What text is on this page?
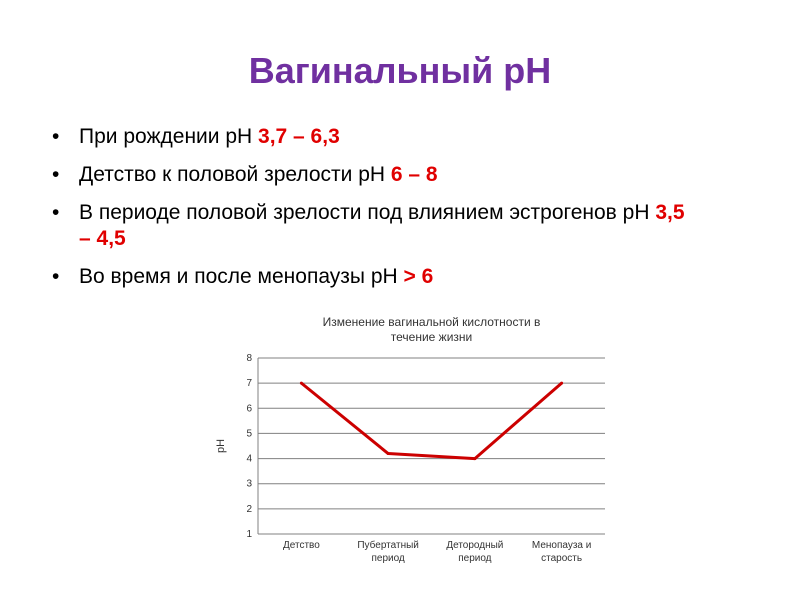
Вагинальный рН
• При рождении рН 3,7 – 6,3
• Детство к половой зрелости рН 6 – 8
• В периоде половой зрелости под влиянием эстрогенов рН 3,5 – 4,5
• Во время и после менопаузы рН > 6
Изменение вагинальной кислотности в
течение жизни
1
2
3
4
5
6
7
8
pH
Детство	Пубертатный
период
Детородный
период
Менопауза и
старость
